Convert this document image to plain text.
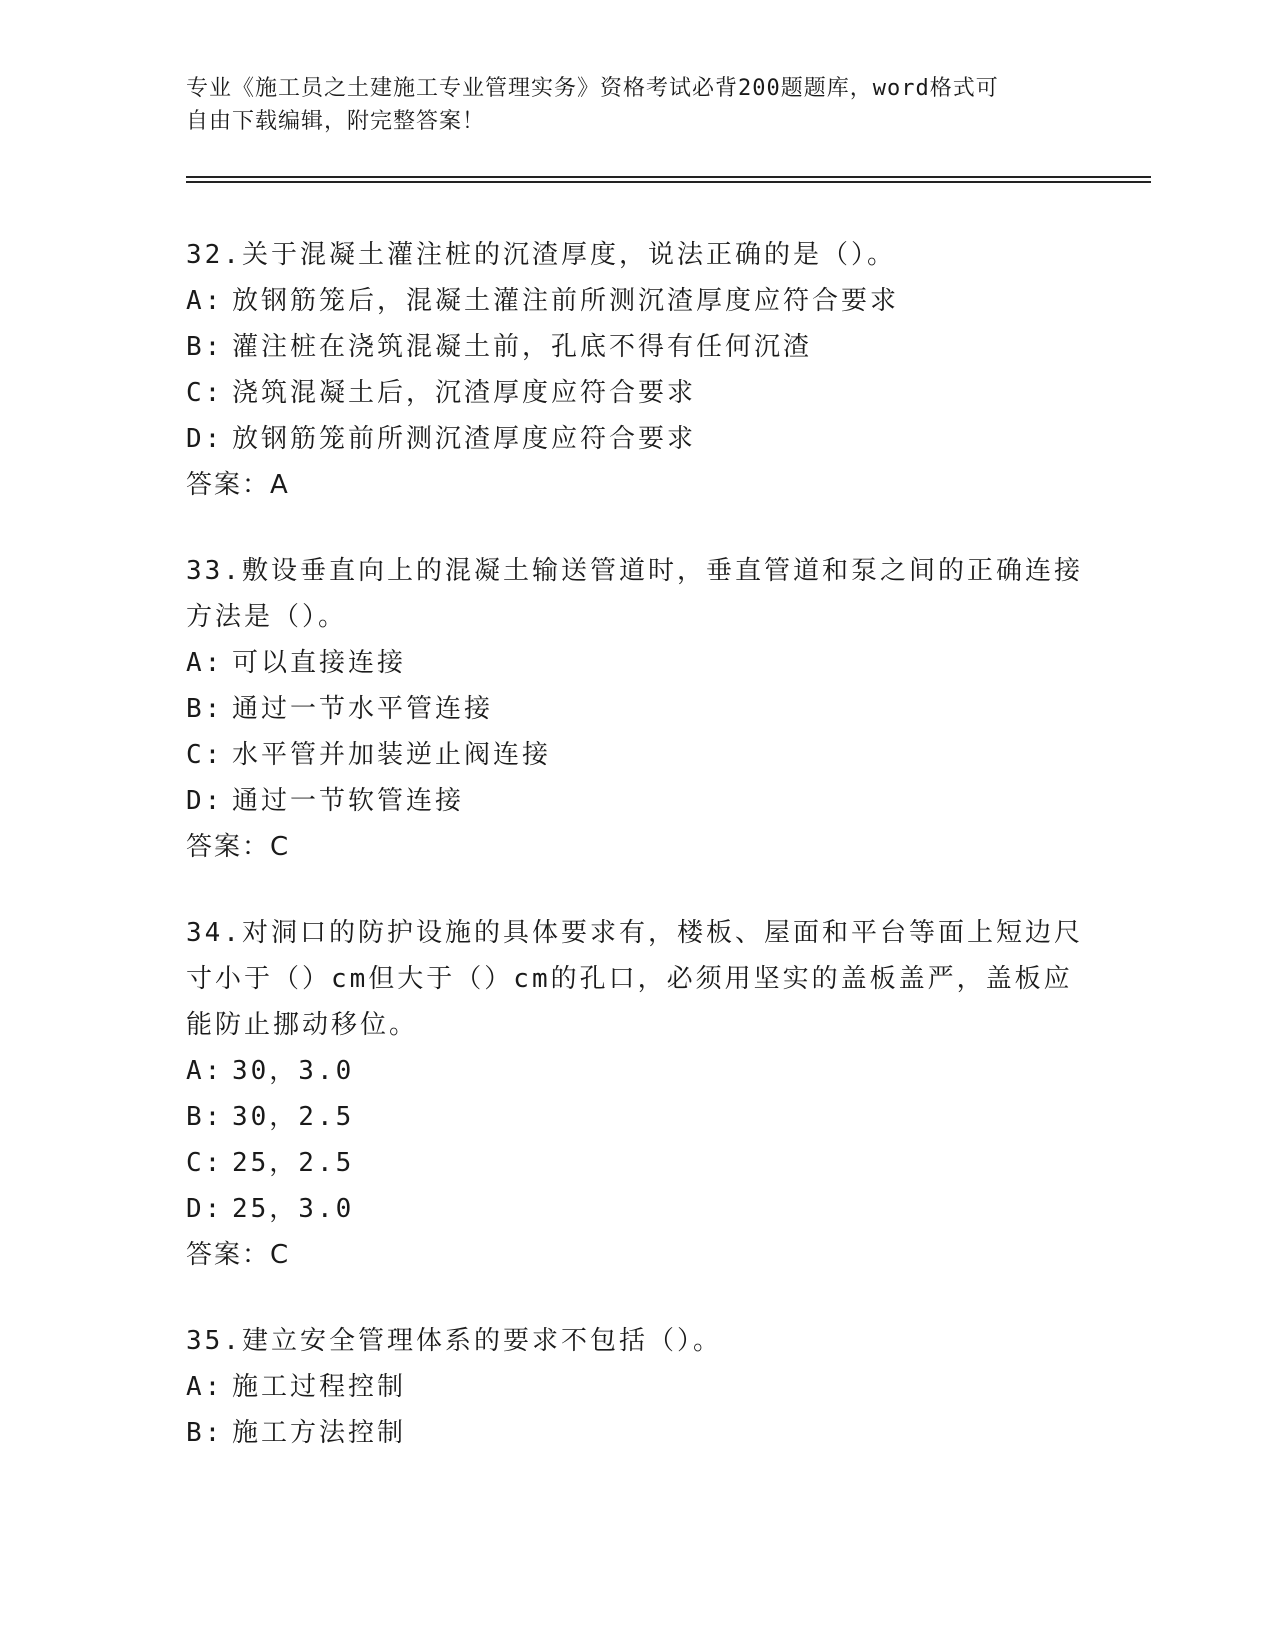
专业《施工员之土建施工专业管理实务》资格考试必背200题题库，word格式可
自由下载编辑，附完整答案！

32.关于混凝土灌注桩的沉渣厚度，说法正确的是（）。

A: 放钢筋笼后，混凝土灌注前所测沉渣厚度应符合要求

B: 灌注桩在浇筑混凝土前，孔底不得有任何沉渣

C: 浇筑混凝土后，沉渣厚度应符合要求

D: 放钢筋笼前所测沉渣厚度应符合要求

答案：A

33.敷设垂直向上的混凝土输送管道时，垂直管道和泵之间的正确连接

方法是（）。

A: 可以直接连接

B: 通过一节水平管连接

C: 水平管并加装逆止阀连接

D: 通过一节软管连接

答案：C

34.对洞口的防护设施的具体要求有，楼板、屋面和平台等面上短边尺

寸小于（）cm但大于（）cm的孔口，必须用坚实的盖板盖严，盖板应

能防止挪动移位。

A: 30，3.0

B: 30，2.5

C: 25，2.5

D: 25，3.0

答案：C

35.建立安全管理体系的要求不包括（）。

A: 施工过程控制

B: 施工方法控制
